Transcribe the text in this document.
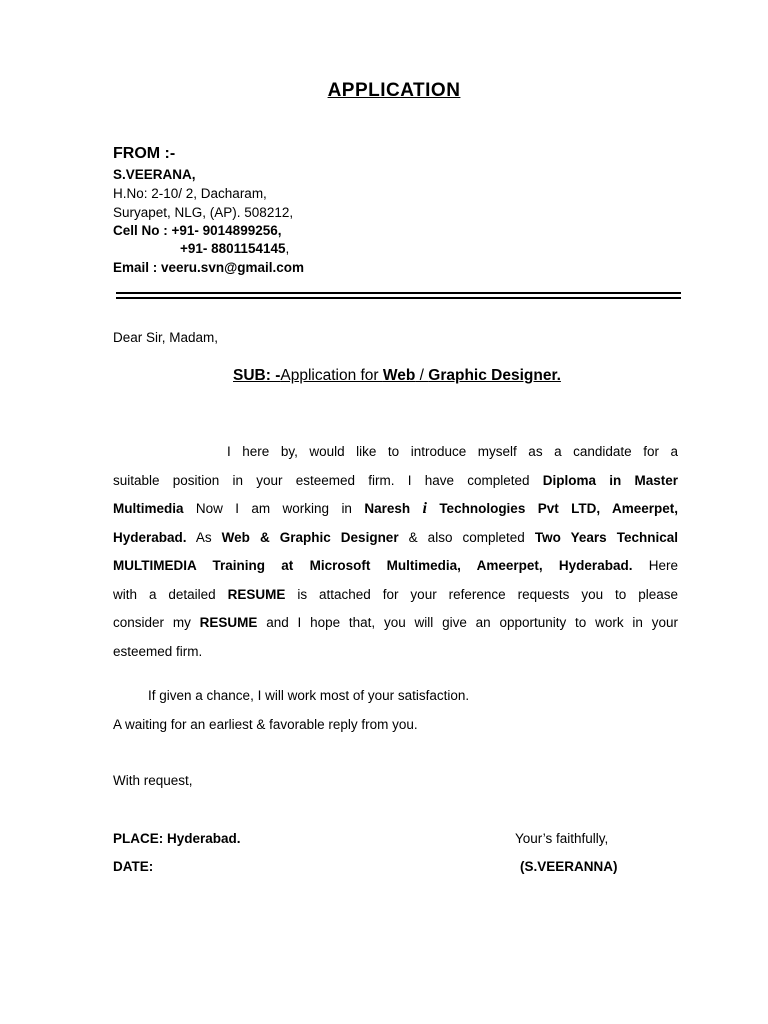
APPLICATION
FROM :-
S.VEERANA,
H.No: 2-10/ 2, Dacharam,
Suryapet, NLG, (AP). 508212,
Cell No : +91- 9014899256,
+91- 8801154145,
Email : veeru.svn@gmail.com
Dear Sir, Madam,
SUB: -Application for Web / Graphic Designer.

I here by, would like to introduce myself as a candidate for a

suitable position in your esteemed firm. I have completed Diploma in Master

Multimedia Now I am working in Naresh i Technologies Pvt LTD, Ameerpet,

Hyderabad. As Web & Graphic Designer & also completed Two Years Technical

MULTIMEDIA Training at Microsoft Multimedia, Ameerpet, Hyderabad. Here

with a detailed RESUME is attached for your reference requests you to please

consider my RESUME and I hope that, you will give an opportunity to work in your

esteemed firm.

If given a chance, I will work most of your satisfaction.
A waiting for an earliest & favorable reply from you.
With request,
PLACE: Hyderabad.
DATE:
Your’s faithfully,
(S.VEERANNA)
